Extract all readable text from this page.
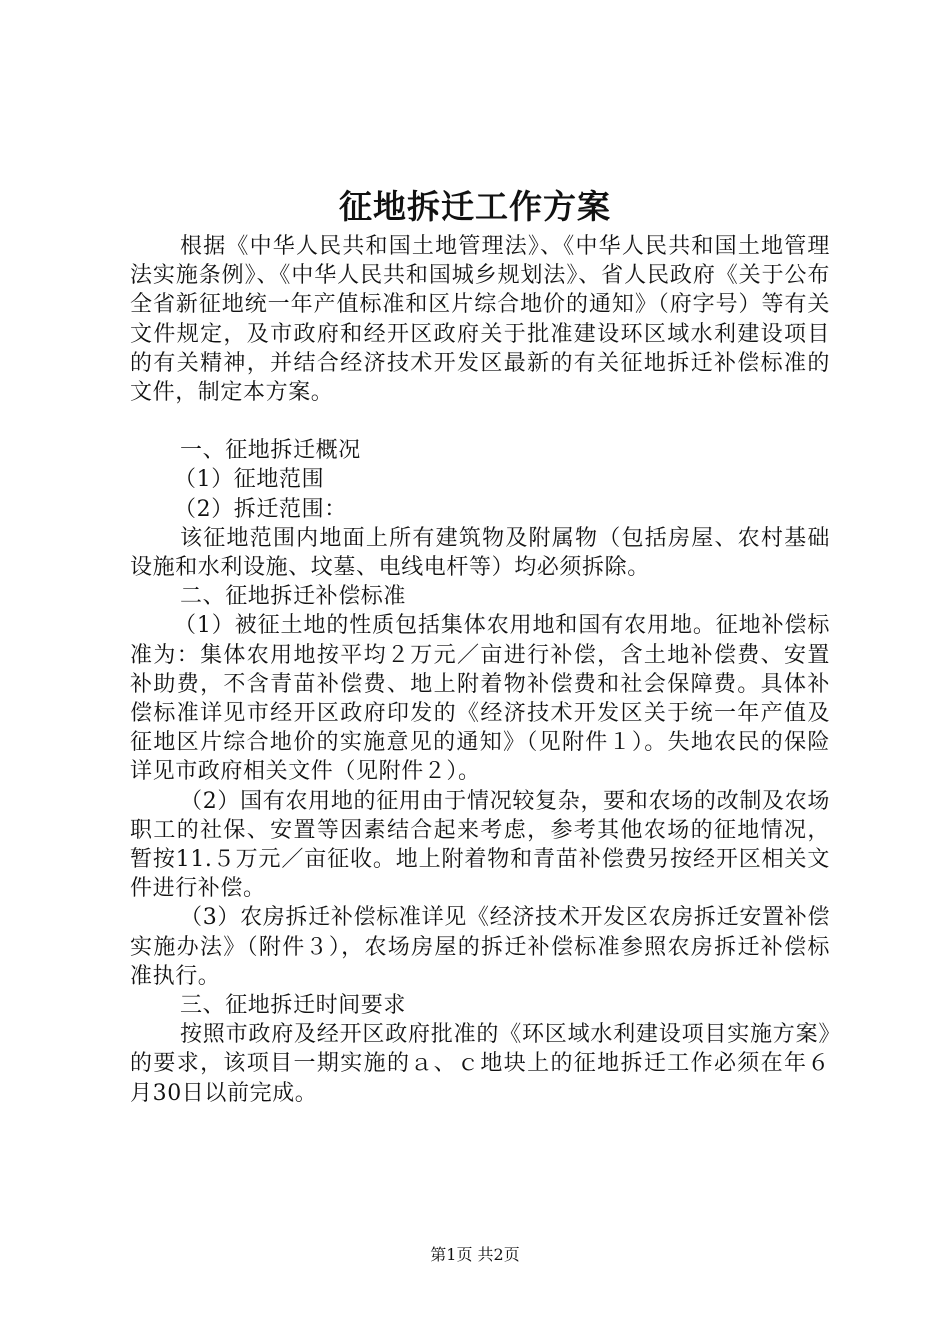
征地拆迁工作方案

根据《中华人民共和国土地管理法》、《中华人民共和国土地管理法实施条例》、《中华人民共和国城乡规划法》、省人民政府《关于公布全省新征地统一年产值标准和区片综合地价的通知》（府字号）等有关文件规定，及市政府和经开区政府关于批准建设环区域水利建设项目的有关精神，并结合经济技术开发区最新的有关征地拆迁补偿标准的文件，制定本方案。

一、征地拆迁概况

（1）征地范围

（2）拆迁范围：

该征地范围内地面上所有建筑物及附属物（包括房屋、农村基础设施和水利设施、坟墓、电线电杆等）均必须拆除。

二、征地拆迁补偿标准

（1）被征土地的性质包括集体农用地和国有农用地。征地补偿标准为：集体农用地按平均２万元／亩进行补偿，含土地补偿费、安置补助费，不含青苗补偿费、地上附着物补偿费和社会保障费。具体补偿标准详见市经开区政府印发的《经济技术开发区关于统一年产值及征地区片综合地价的实施意见的通知》（见附件１）。失地农民的保险详见市政府相关文件（见附件２）。

（2）国有农用地的征用由于情况较复杂，要和农场的改制及农场职工的社保、安置等因素结合起来考虑，参考其他农场的征地情况，暂按11.５万元／亩征收。地上附着物和青苗补偿费另按经开区相关文件进行补偿。

（3）农房拆迁补偿标准详见《经济技术开发区农房拆迁安置补偿实施办法》（附件３），农场房屋的拆迁补偿标准参照农房拆迁补偿标准执行。

三、征地拆迁时间要求

按照市政府及经开区政府批准的《环区域水利建设项目实施方案》的要求，该项目一期实施的ａ、ｃ地块上的征地拆迁工作必须在年６月30日以前完成。

第1页 共2页
